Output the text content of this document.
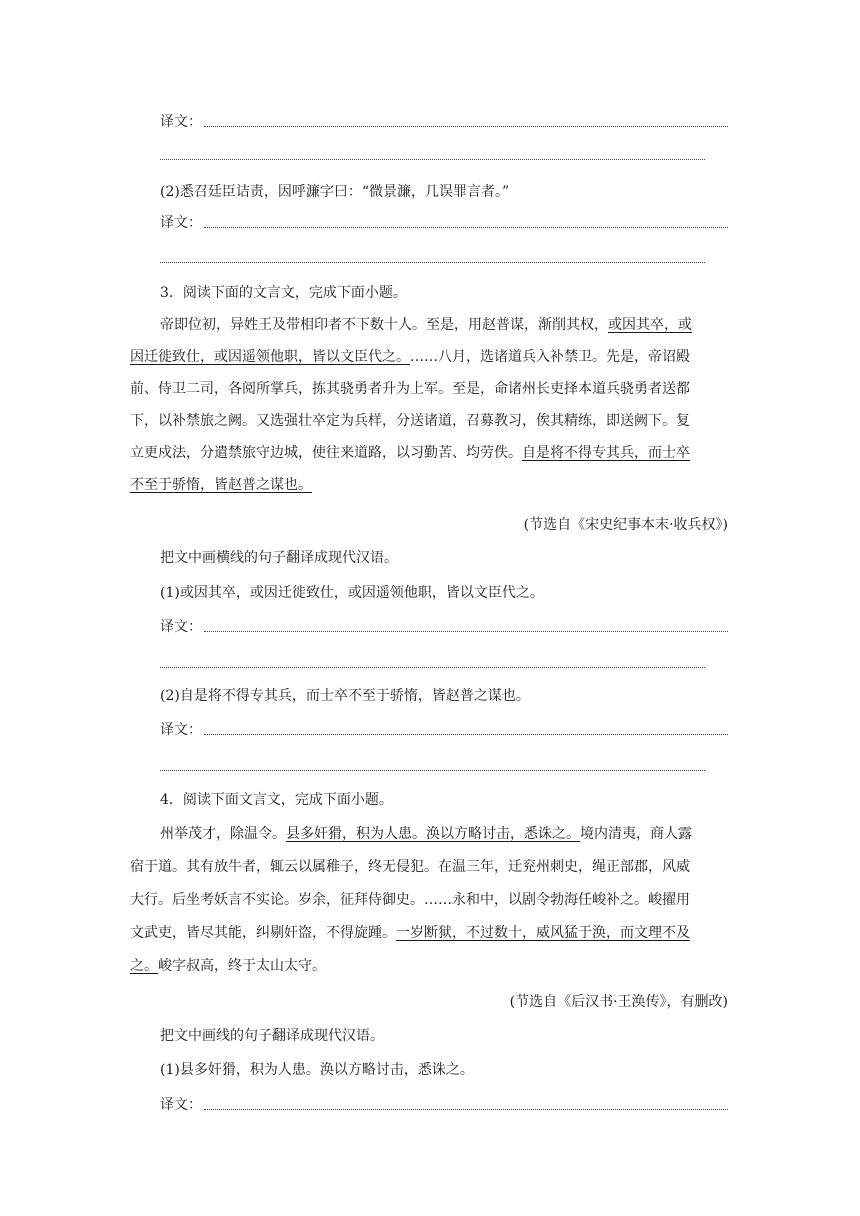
译文：
(2)悉召廷臣诘责，因呼濂字曰：“微景濂，几误罪言者。”
译文：
3．阅读下面的文言文，完成下面小题。
帝即位初，异姓王及带相印者不下数十人。至是，用赵普谋，渐削其权，或因其卒，或
因迁徙致仕，或因遥领他职，皆以文臣代之。……八月，选诸道兵入补禁卫。先是，帝诏殿
前、侍卫二司，各阅所掌兵，拣其骁勇者升为上军。至是，命诸州长吏择本道兵骁勇者送都
下，以补禁旅之阙。又选强壮卒定为兵样，分送诸道，召募教习，俟其精练，即送阙下。复
立更戍法，分遣禁旅守边城，使往来道路，以习勤苦、均劳佚。自是将不得专其兵，而士卒
不至于骄惰，皆赵普之谋也。
(节选自《宋史纪事本末·收兵权》)
把文中画横线的句子翻译成现代汉语。
(1)或因其卒，或因迁徙致仕，或因遥领他职，皆以文臣代之。
译文：
(2)自是将不得专其兵，而士卒不至于骄惰，皆赵普之谋也。
译文：
4．阅读下面文言文，完成下面小题。
州举茂才，除温令。县多奸猾，积为人患。涣以方略讨击，悉诛之。境内清夷，商人露
宿于道。其有放牛者，辄云以属稚子，终无侵犯。在温三年，迁兖州刺史，绳正部郡，风威
大行。后坐考妖言不实论。岁余，征拜侍御史。……永和中，以剧令勃海任峻补之。峻擢用
文武吏，皆尽其能，纠剔奸盗，不得旋踵。一岁断狱，不过数十，威风猛于涣，而文理不及
之。峻字叔高，终于太山太守。
(节选自《后汉书·王涣传》，有删改)
把文中画线的句子翻译成现代汉语。
(1)县多奸猾，积为人患。涣以方略讨击，悉诛之。
译文：
